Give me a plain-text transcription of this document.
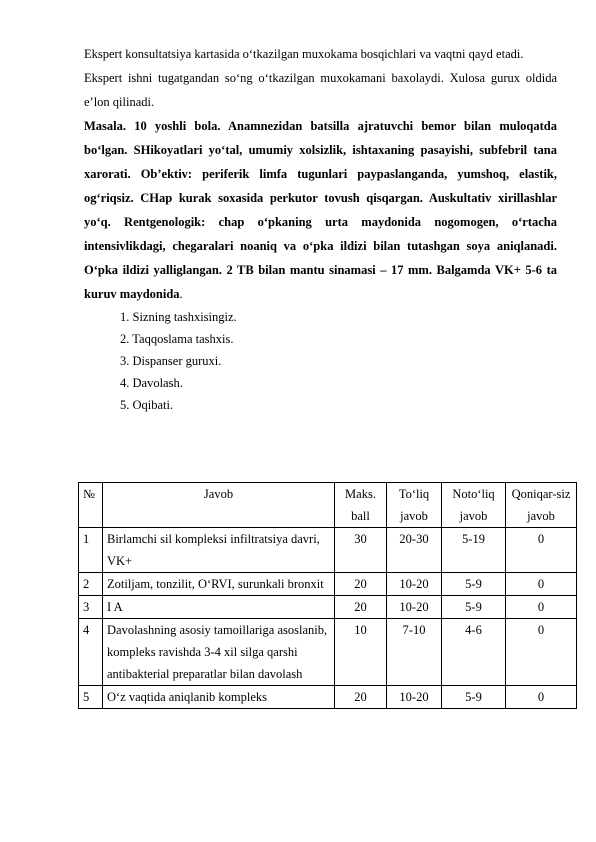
Ekspert konsultatsiya kartasida o‘tkazilgan muxokama bosqichlari va vaqtni qayd etadi.

Ekspert ishni tugatgandan so‘ng o‘tkazilgan muxokamani baxolaydi. Xulosa gurux oldida e’lon qilinadi.

Masala. 10 yoshli bola. Anamnezidan batsilla ajratuvchi bemor bilan muloqatda bo‘lgan. SHikoyatlari yo‘tal, umumiy xolsizlik, ishtaxaning pasayishi, subfebril tana xarorati. Ob’ektiv: periferik limfa tugunlari paypaslanganda, yumshoq, elastik, og‘riqsiz. CHap kurak soxasida perkutor tovush qisqargan. Auskultativ xirillashlar yo‘q. Rentgenologik: chap o‘pkaning urta maydonida nogomogen, o‘rtacha intensivlikdagi, chegaralari noaniq va o‘pka ildizi bilan tutashgan soya aniqlanadi. O‘pka ildizi yalliglangan. 2 TB bilan mantu sinamasi – 17 mm. Balgamda VK+ 5-6 ta kuruv maydonida.

1. Sizning tashxisingiz.
2. Taqqoslama tashxis.
3. Dispanser guruxi.
4. Davolash.
5. Oqibati.
№	Javob	Maks. ball	To‘liq javob	Noto‘liq javob	Qoniqar-siz javob
1	Birlamchi sil kompleksi infiltratsiya davri, VK+	30	20-30	5-19	0
2	Zotiljam, tonzilit, O‘RVI, surunkali bronxit	20	10-20	5-9	0
3	I A	20	10-20	5-9	0
4	Davolashning asosiy tamoillariga asoslanib, kompleks ravishda 3-4 xil silga qarshi antibakterial preparatlar bilan davolash	10	7-10	4-6	0
5	O‘z vaqtida aniqlanib kompleks	20	10-20	5-9	0
